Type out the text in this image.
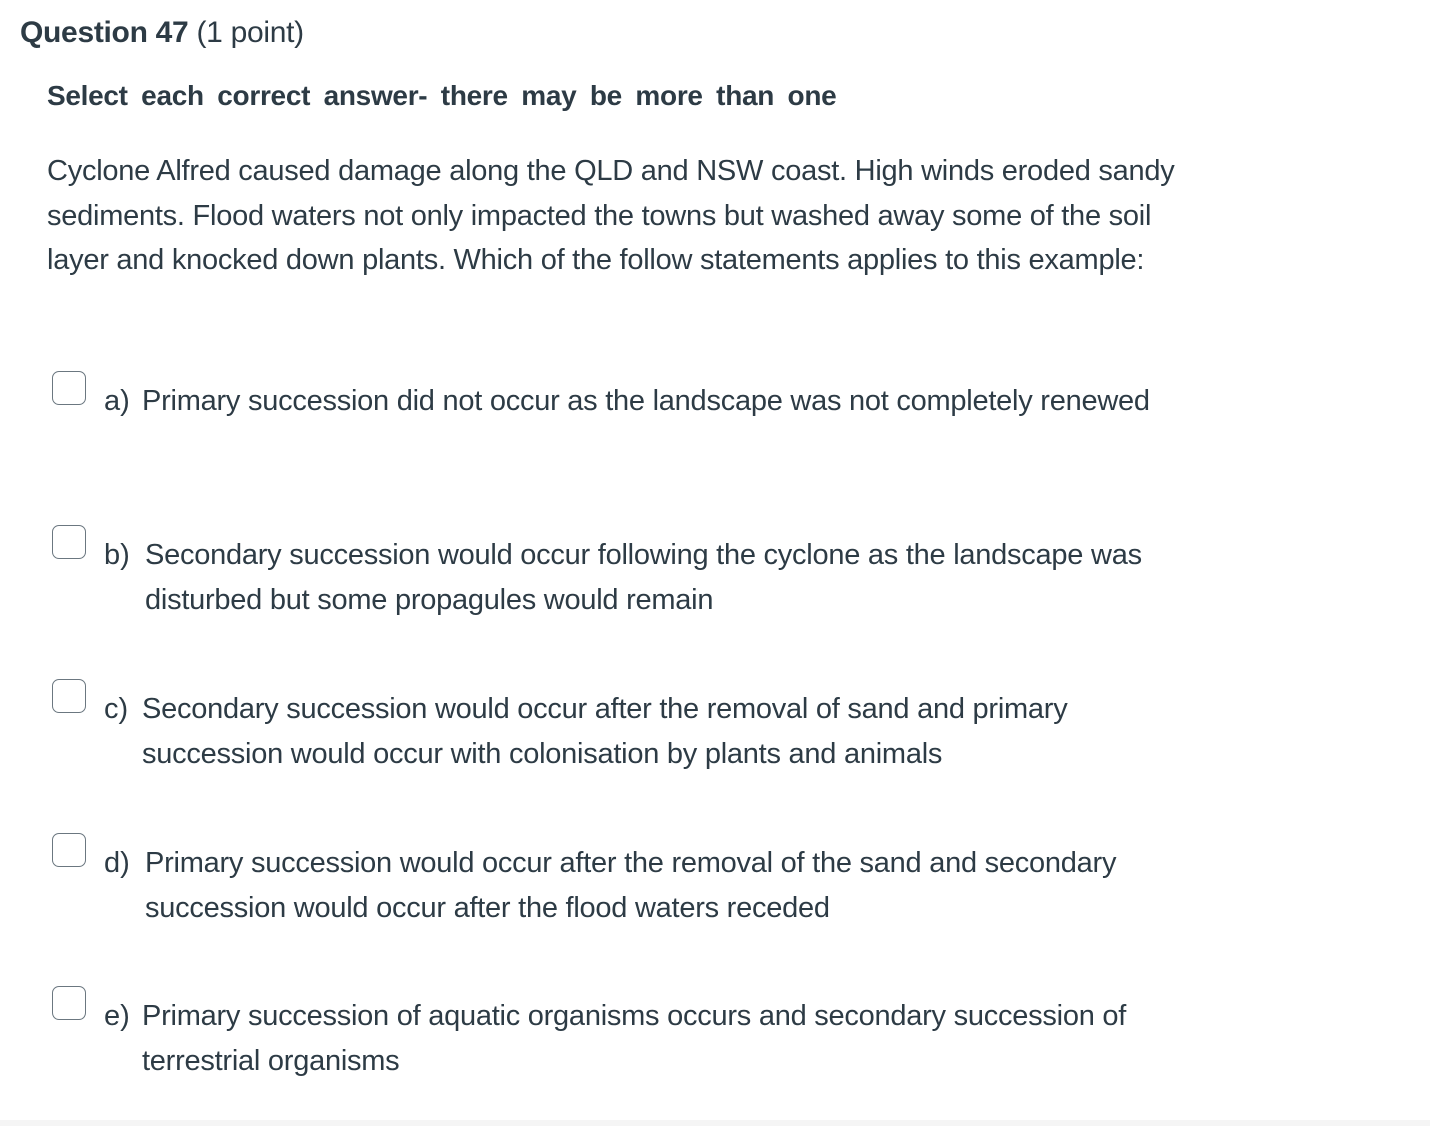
Question 47 (1 point)
Select each correct answer- there may be more than one
Cyclone Alfred caused damage along the QLD and NSW coast. High winds eroded sandy sediments. Flood waters not only impacted the towns but washed away some of the soil layer and knocked down plants. Which of the follow statements applies to this example:
a) Primary succession did not occur as the landscape was not completely renewed
b) Secondary succession would occur following the cyclone as the landscape was disturbed but some propagules would remain
c) Secondary succession would occur after the removal of sand and primary succession would occur with colonisation by plants and animals
d) Primary succession would occur after the removal of the sand and secondary succession would occur after the flood waters receded
e) Primary succession of aquatic organisms occurs and secondary succession of terrestrial organisms
